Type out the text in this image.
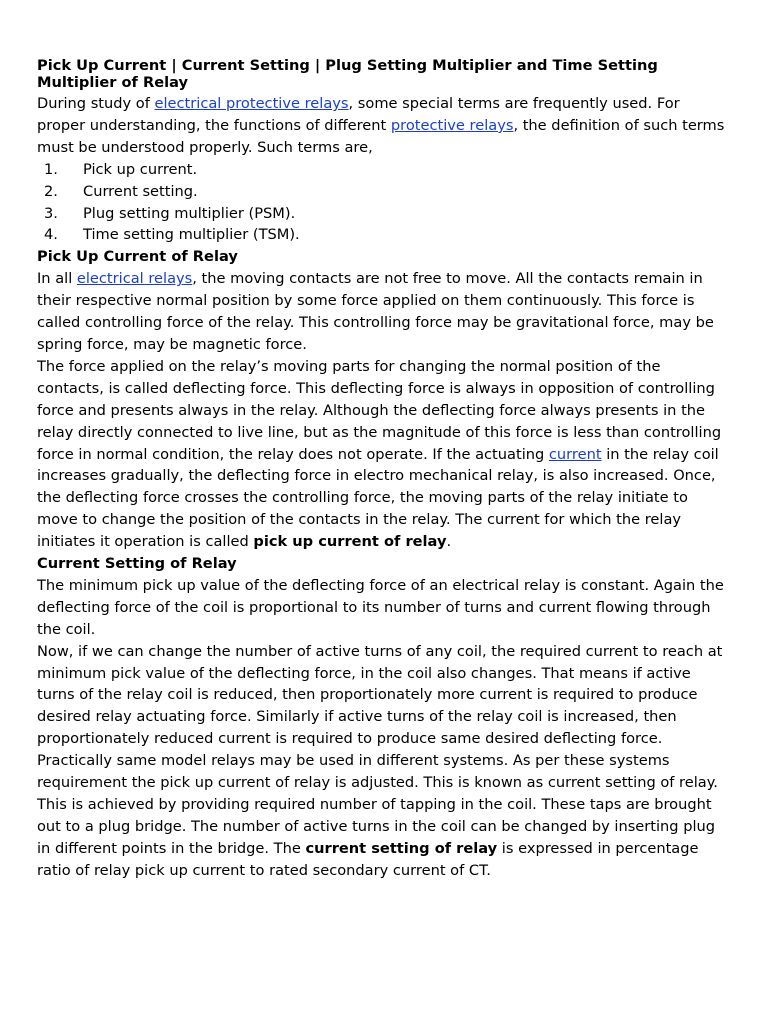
Pick Up Current | Current Setting | Plug Setting Multiplier and Time Setting Multiplier of Relay

During study of electrical protective relays, some special terms are frequently used. For proper understanding, the functions of different protective relays, the definition of such terms must be understood properly. Such terms are,

1. Pick up current.
2. Current setting.
3. Plug setting multiplier (PSM).
4. Time setting multiplier (TSM).
Pick Up Current of Relay

In all electrical relays, the moving contacts are not free to move. All the contacts remain in their respective normal position by some force applied on them continuously. This force is called controlling force of the relay. This controlling force may be gravitational force, may be spring force, may be magnetic force.

The force applied on the relay’s moving parts for changing the normal position of the contacts, is called deflecting force. This deflecting force is always in opposition of controlling force and presents always in the relay. Although the deflecting force always presents in the relay directly connected to live line, but as the magnitude of this force is less than controlling force in normal condition, the relay does not operate. If the actuating current in the relay coil increases gradually, the deflecting force in electro mechanical relay, is also increased. Once, the deflecting force crosses the controlling force, the moving parts of the relay initiate to move to change the position of the contacts in the relay. The current for which the relay initiates it operation is called pick up current of relay.

Current Setting of Relay

The minimum pick up value of the deflecting force of an electrical relay is constant. Again the deflecting force of the coil is proportional to its number of turns and current flowing through the coil.

Now, if we can change the number of active turns of any coil, the required current to reach at minimum pick value of the deflecting force, in the coil also changes. That means if active turns of the relay coil is reduced, then proportionately more current is required to produce desired relay actuating force. Similarly if active turns of the relay coil is increased, then proportionately reduced current is required to produce same desired deflecting force. Practically same model relays may be used in different systems. As per these systems requirement the pick up current of relay is adjusted. This is known as current setting of relay. This is achieved by providing required number of tapping in the coil. These taps are brought out to a plug bridge. The number of active turns in the coil can be changed by inserting plug in different points in the bridge. The current setting of relay is expressed in percentage ratio of relay pick up current to rated secondary current of CT.
